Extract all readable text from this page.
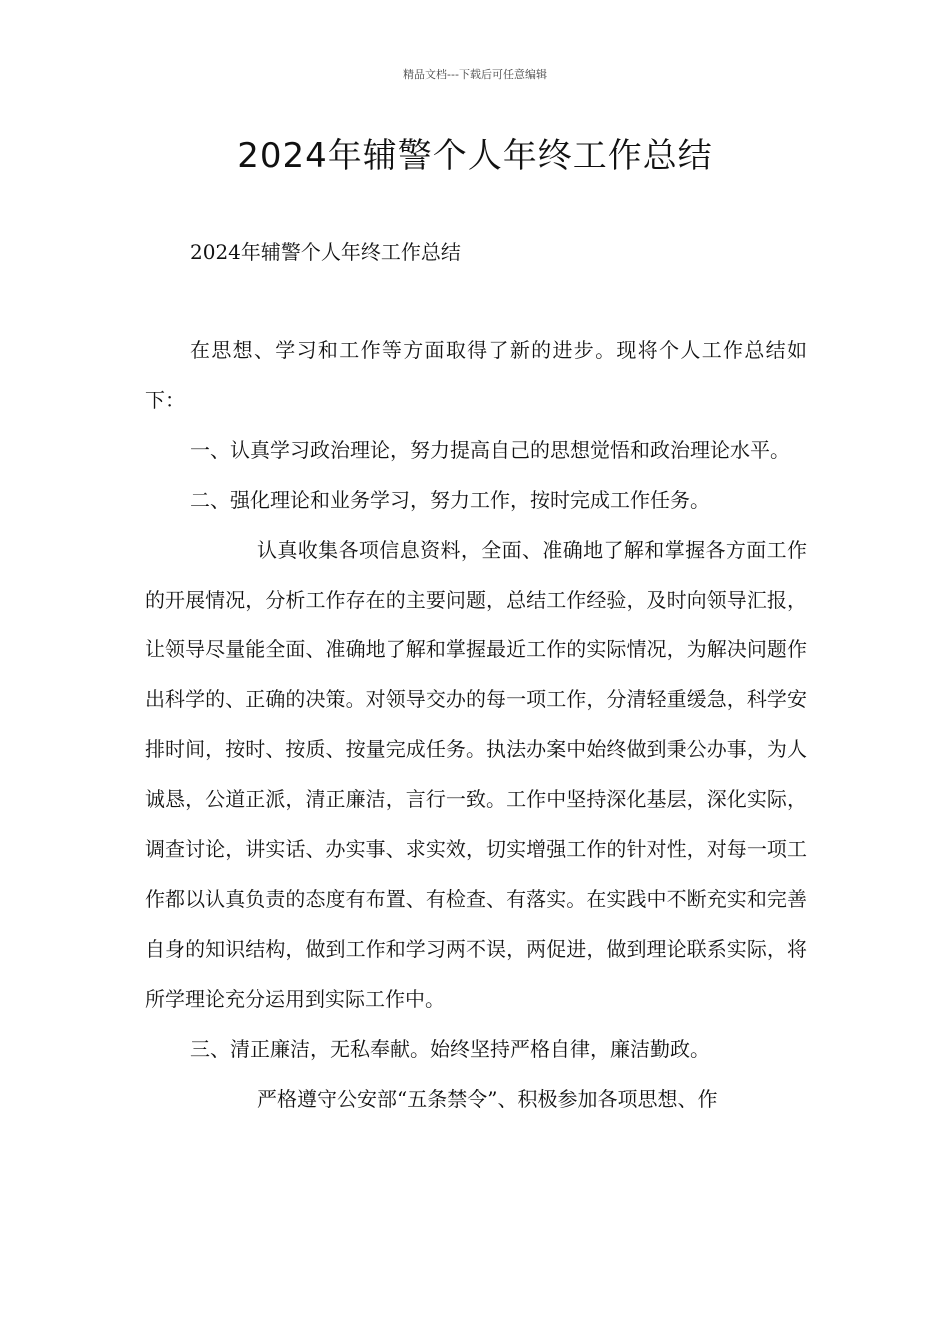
精品文档---下载后可任意编辑
2024年辅警个人年终工作总结
2024年辅警个人年终工作总结

在思想、学习和工作等方面取得了新的进步。现将个人工作总结如下：

一、认真学习政治理论，努力提高自己的思想觉悟和政治理论水平。

二、强化理论和业务学习，努力工作，按时完成工作任务。

认真收集各项信息资料，全面、准确地了解和掌握各方面工作的开展情况，分析工作存在的主要问题，总结工作经验，及时向领导汇报，让领导尽量能全面、准确地了解和掌握最近工作的实际情况，为解决问题作出科学的、正确的决策。对领导交办的每一项工作，分清轻重缓急，科学安排时间，按时、按质、按量完成任务。执法办案中始终做到秉公办事，为人诚恳，公道正派，清正廉洁，言行一致。工作中坚持深化基层，深化实际，调查讨论，讲实话、办实事、求实效，切实增强工作的针对性，对每一项工作都以认真负责的态度有布置、有检查、有落实。在实践中不断充实和完善自身的知识结构，做到工作和学习两不误，两促进，做到理论联系实际，将所学理论充分运用到实际工作中。

三、清正廉洁，无私奉献。始终坚持严格自律，廉洁勤政。

严格遵守公安部“五条禁令”、积极参加各项思想、作
